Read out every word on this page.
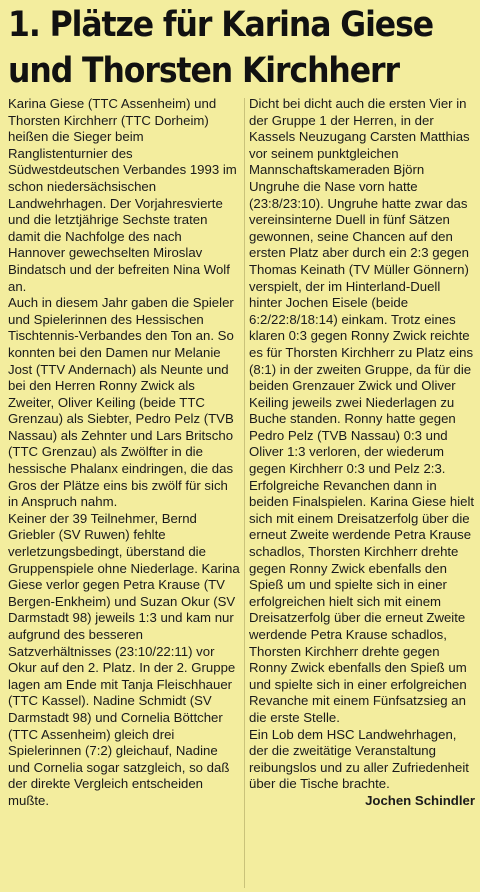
1. Plätze für Karina Giese
und Thorsten Kirchherr

Karina Giese (TTC Assenheim) und Thorsten Kirchherr (TTC Dorheim) heißen die Sieger beim Ranglistenturnier des Südwestdeutschen Verbandes 1993 im schon niedersächsischen Landwehrhagen. Der Vorjahresvierte und die letztjährige Sechste traten damit die Nachfolge des nach Hannover gewechselten Miroslav Bindatsch und der befreiten Nina Wolf an.

Auch in diesem Jahr gaben die Spieler und Spielerinnen des Hessischen Tischtennis-Verbandes den Ton an. So konnten bei den Damen nur Melanie Jost (TTV Andernach) als Neunte und bei den Herren Ronny Zwick als Zweiter, Oliver Keiling (beide TTC Grenzau) als Siebter, Pedro Pelz (TVB Nassau) als Zehnter und Lars Britscho (TTC Grenzau) als Zwölfter in die hessische Phalanx eindringen, die das Gros der Plätze eins bis zwölf für sich in Anspruch nahm.

Keiner der 39 Teilnehmer, Bernd Griebler (SV Ruwen) fehlte verletzungsbedingt, überstand die Gruppenspiele ohne Niederlage. Karina Giese verlor gegen Petra Krause (TV Bergen-Enkheim) und Suzan Okur (SV Darmstadt 98) jeweils 1:3 und kam nur aufgrund des besseren Satzverhältnisses (23:10/22:11) vor Okur auf den 2. Platz. In der 2. Gruppe lagen am Ende mit Tanja Fleischhauer (TTC Kassel). Nadine Schmidt (SV Darmstadt 98) und Cornelia Böttcher (TTC Assenheim) gleich drei Spielerinnen (7:2) gleichauf, Nadine und Cornelia sogar satzgleich, so daß der direkte Vergleich entscheiden mußte.

Dicht bei dicht auch die ersten Vier in der Gruppe 1 der Herren, in der Kassels Neuzugang Carsten Matthias vor seinem punktgleichen Mannschaftskameraden Björn Ungruhe die Nase vorn hatte (23:8/23:10). Ungruhe hatte zwar das vereinsinterne Duell in fünf Sätzen gewonnen, seine Chancen auf den ersten Platz aber durch ein 2:3 gegen Thomas Keinath (TV Müller Gönnern) verspielt, der im Hinterland-Duell hinter Jochen Eisele (beide 6:2/22:8/18:14) einkam. Trotz eines klaren 0:3 gegen Ronny Zwick reichte es für Thorsten Kirchherr zu Platz eins (8:1) in der zweiten Gruppe, da für die beiden Grenzauer Zwick und Oliver Keiling jeweils zwei Niederlagen zu Buche standen. Ronny hatte gegen Pedro Pelz (TVB Nassau) 0:3 und Oliver 1:3 verloren, der wiederum gegen Kirchherr 0:3 und Pelz 2:3.

Erfolgreiche Revanchen dann in beiden Finalspielen. Karina Giese hielt sich mit einem Dreisatzerfolg über die erneut Zweite werdende Petra Krause schadlos, Thorsten Kirchherr drehte gegen Ronny Zwick ebenfalls den Spieß um und spielte sich in einer erfolgreichen hielt sich mit einem Dreisatzerfolg über die erneut Zweite werdende Petra Krause schadlos, Thorsten Kirchherr drehte gegen Ronny Zwick ebenfalls den Spieß um und spielte sich in einer erfolgreichen Revanche mit einem Fünfsatzsieg an die erste Stelle.

Ein Lob dem HSC Landwehrhagen, der die zweitätige Veranstaltung reibungslos und zu aller Zufriedenheit über die Tische brachte.
Jochen Schindler
